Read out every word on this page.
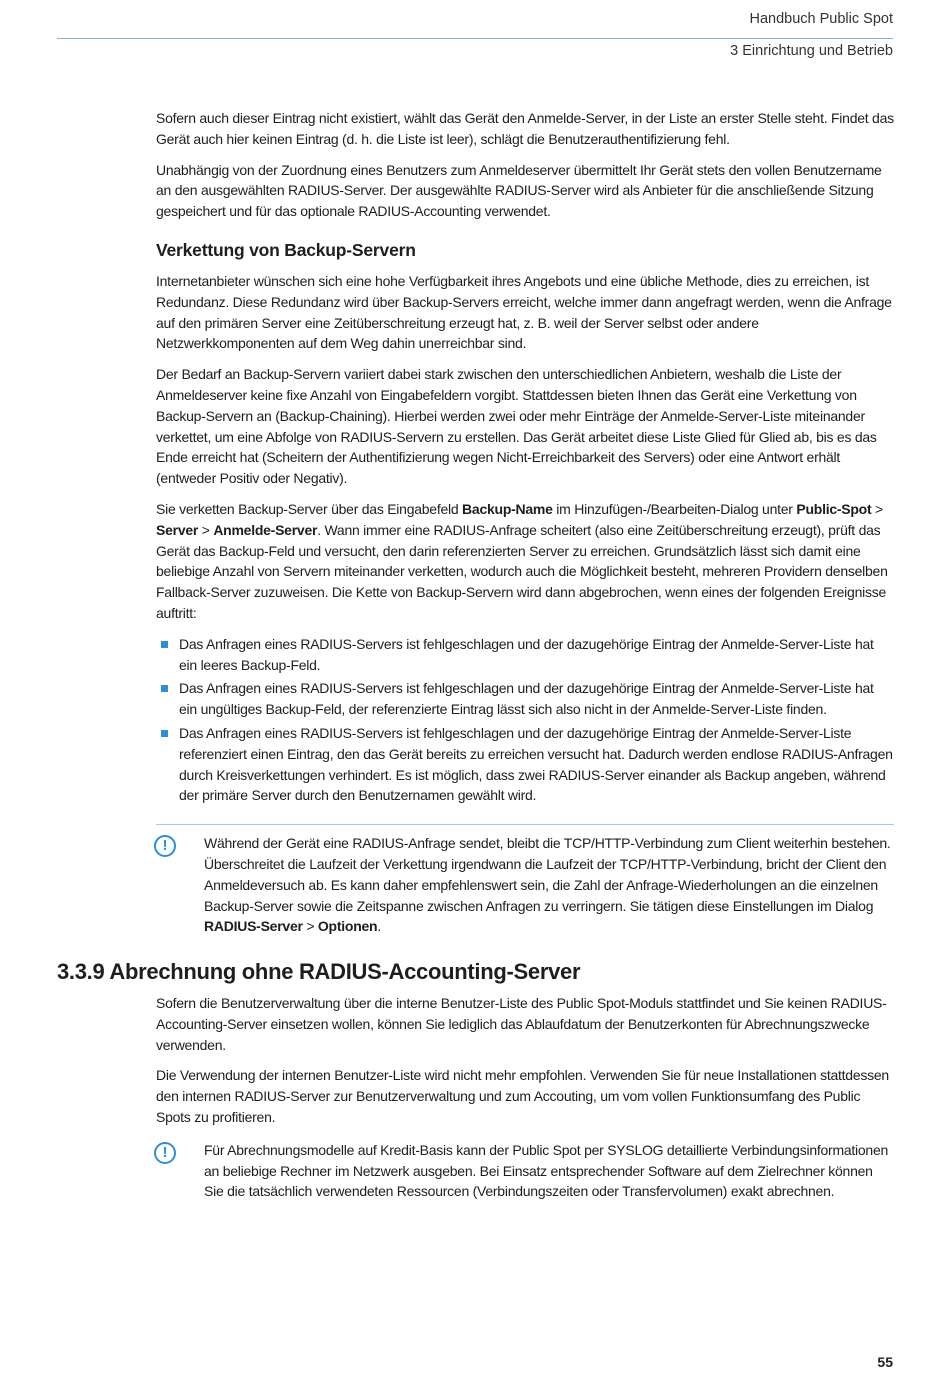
Handbuch Public Spot
3 Einrichtung und Betrieb

Sofern auch dieser Eintrag nicht existiert, wählt das Gerät den Anmelde-Server, in der Liste an erster Stelle steht. Findet das Gerät auch hier keinen Eintrag (d. h. die Liste ist leer), schlägt die Benutzerauthentifizierung fehl.

Unabhängig von der Zuordnung eines Benutzers zum Anmeldeserver übermittelt Ihr Gerät stets den vollen Benutzername an den ausgewählten RADIUS-Server. Der ausgewählte RADIUS-Server wird als Anbieter für die anschließende Sitzung gespeichert und für das optionale RADIUS-Accounting verwendet.

Verkettung von Backup-Servern

Internetanbieter wünschen sich eine hohe Verfügbarkeit ihres Angebots und eine übliche Methode, dies zu erreichen, ist Redundanz. Diese Redundanz wird über Backup-Servers erreicht, welche immer dann angefragt werden, wenn die Anfrage auf den primären Server eine Zeitüberschreitung erzeugt hat, z. B. weil der Server selbst oder andere Netzwerkkomponenten auf dem Weg dahin unerreichbar sind.

Der Bedarf an Backup-Servern variiert dabei stark zwischen den unterschiedlichen Anbietern, weshalb die Liste der Anmeldeserver keine fixe Anzahl von Eingabefeldern vorgibt. Stattdessen bieten Ihnen das Gerät eine Verkettung von Backup-Servern an (Backup-Chaining). Hierbei werden zwei oder mehr Einträge der Anmelde-Server-Liste miteinander verkettet, um eine Abfolge von RADIUS-Servern zu erstellen. Das Gerät arbeitet diese Liste Glied für Glied ab, bis es das Ende erreicht hat (Scheitern der Authentifizierung wegen Nicht-Erreichbarkeit des Servers) oder eine Antwort erhält (entweder Positiv oder Negativ).

Sie verketten Backup-Server über das Eingabefeld Backup-Name im Hinzufügen-/Bearbeiten-Dialog unter Public-Spot > Server > Anmelde-Server. Wann immer eine RADIUS-Anfrage scheitert (also eine Zeitüberschreitung erzeugt), prüft das Gerät das Backup-Feld und versucht, den darin referenzierten Server zu erreichen. Grundsätzlich lässt sich damit eine beliebige Anzahl von Servern miteinander verketten, wodurch auch die Möglichkeit besteht, mehreren Providern denselben Fallback-Server zuzuweisen. Die Kette von Backup-Servern wird dann abgebrochen, wenn eines der folgenden Ereignisse auftritt:

Das Anfragen eines RADIUS-Servers ist fehlgeschlagen und der dazugehörige Eintrag der Anmelde-Server-Liste hat ein leeres Backup-Feld.
Das Anfragen eines RADIUS-Servers ist fehlgeschlagen und der dazugehörige Eintrag der Anmelde-Server-Liste hat ein ungültiges Backup-Feld, der referenzierte Eintrag lässt sich also nicht in der Anmelde-Server-Liste finden.
Das Anfragen eines RADIUS-Servers ist fehlgeschlagen und der dazugehörige Eintrag der Anmelde-Server-Liste referenziert einen Eintrag, den das Gerät bereits zu erreichen versucht hat. Dadurch werden endlose RADIUS-Anfragen durch Kreisverkettungen verhindert. Es ist möglich, dass zwei RADIUS-Server einander als Backup angeben, während der primäre Server durch den Benutzernamen gewählt wird.
!	Während der Gerät eine RADIUS-Anfrage sendet, bleibt die TCP/HTTP-Verbindung zum Client weiterhin bestehen. Überschreitet die Laufzeit der Verkettung irgendwann die Laufzeit der TCP/HTTP-Verbindung, bricht der Client den Anmeldeversuch ab. Es kann daher empfehlenswert sein, die Zahl der Anfrage-Wiederholungen an die einzelnen Backup-Server sowie die Zeitspanne zwischen Anfragen zu verringern. Sie tätigen diese Einstellungen im Dialog RADIUS-Server > Optionen.

3.3.9 Abrechnung ohne RADIUS-Accounting-Server

Sofern die Benutzerverwaltung über die interne Benutzer-Liste des Public Spot-Moduls stattfindet und Sie keinen RADIUS-Accounting-Server einsetzen wollen, können Sie lediglich das Ablaufdatum der Benutzerkonten für Abrechnungszwecke verwenden.

Die Verwendung der internen Benutzer-Liste wird nicht mehr empfohlen. Verwenden Sie für neue Installationen stattdessen den internen RADIUS-Server zur Benutzerverwaltung und zum Accouting, um vom vollen Funktionsumfang des Public Spots zu profitieren.

!	Für Abrechnungsmodelle auf Kredit-Basis kann der Public Spot per SYSLOG detaillierte Verbindungsinformationen an beliebige Rechner im Netzwerk ausgeben. Bei Einsatz entsprechender Software auf dem Zielrechner können Sie die tatsächlich verwendeten Ressourcen (Verbindungszeiten oder Transfervolumen) exakt abrechnen.

55
